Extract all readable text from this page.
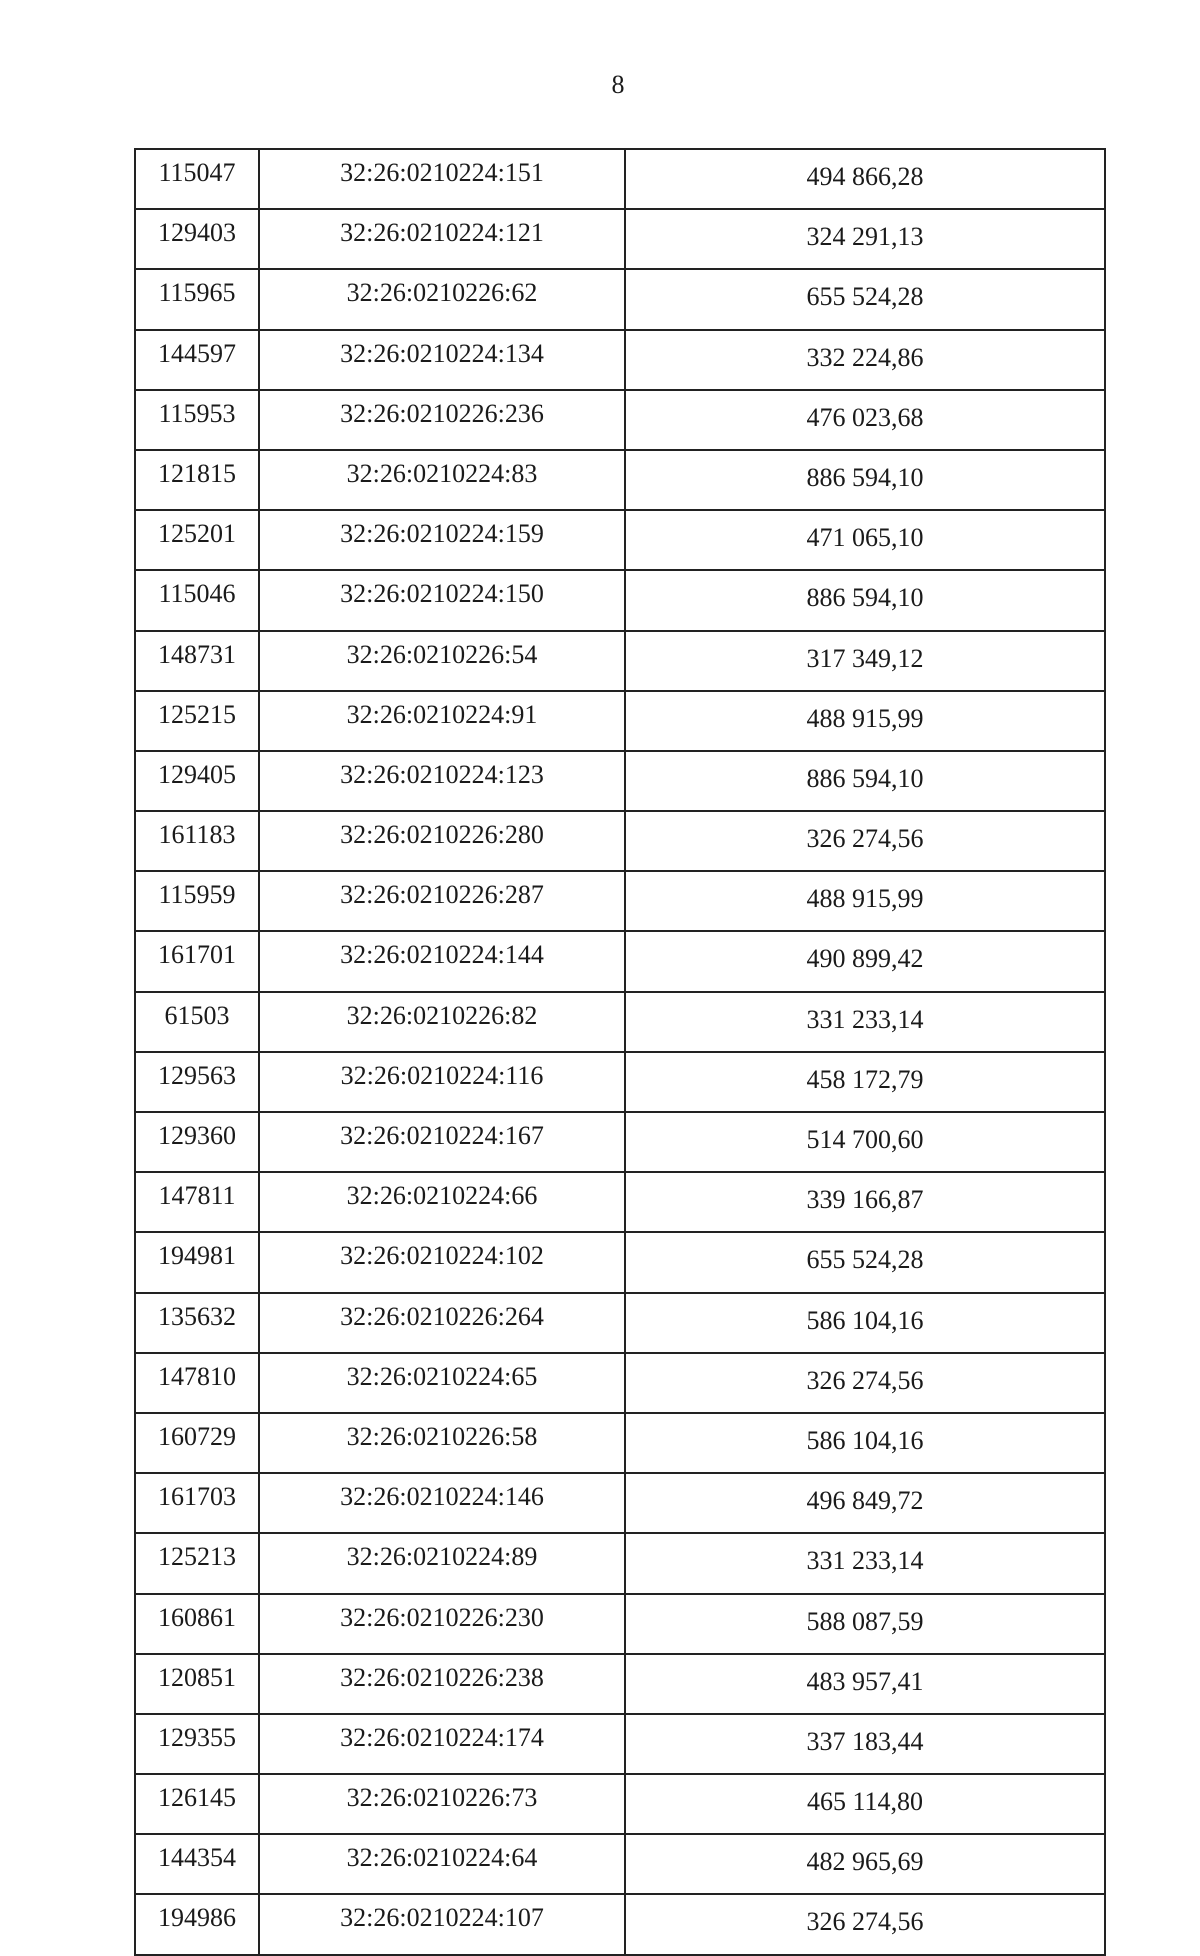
8
115047	32:26:0210224:151	494 866,28
129403	32:26:0210224:121	324 291,13
115965	32:26:0210226:62	655 524,28
144597	32:26:0210224:134	332 224,86
115953	32:26:0210226:236	476 023,68
121815	32:26:0210224:83	886 594,10
125201	32:26:0210224:159	471 065,10
115046	32:26:0210224:150	886 594,10
148731	32:26:0210226:54	317 349,12
125215	32:26:0210224:91	488 915,99
129405	32:26:0210224:123	886 594,10
161183	32:26:0210226:280	326 274,56
115959	32:26:0210226:287	488 915,99
161701	32:26:0210224:144	490 899,42
61503	32:26:0210226:82	331 233,14
129563	32:26:0210224:116	458 172,79
129360	32:26:0210224:167	514 700,60
147811	32:26:0210224:66	339 166,87
194981	32:26:0210224:102	655 524,28
135632	32:26:0210226:264	586 104,16
147810	32:26:0210224:65	326 274,56
160729	32:26:0210226:58	586 104,16
161703	32:26:0210224:146	496 849,72
125213	32:26:0210224:89	331 233,14
160861	32:26:0210226:230	588 087,59
120851	32:26:0210226:238	483 957,41
129355	32:26:0210224:174	337 183,44
126145	32:26:0210226:73	465 114,80
144354	32:26:0210224:64	482 965,69
194986	32:26:0210224:107	326 274,56
